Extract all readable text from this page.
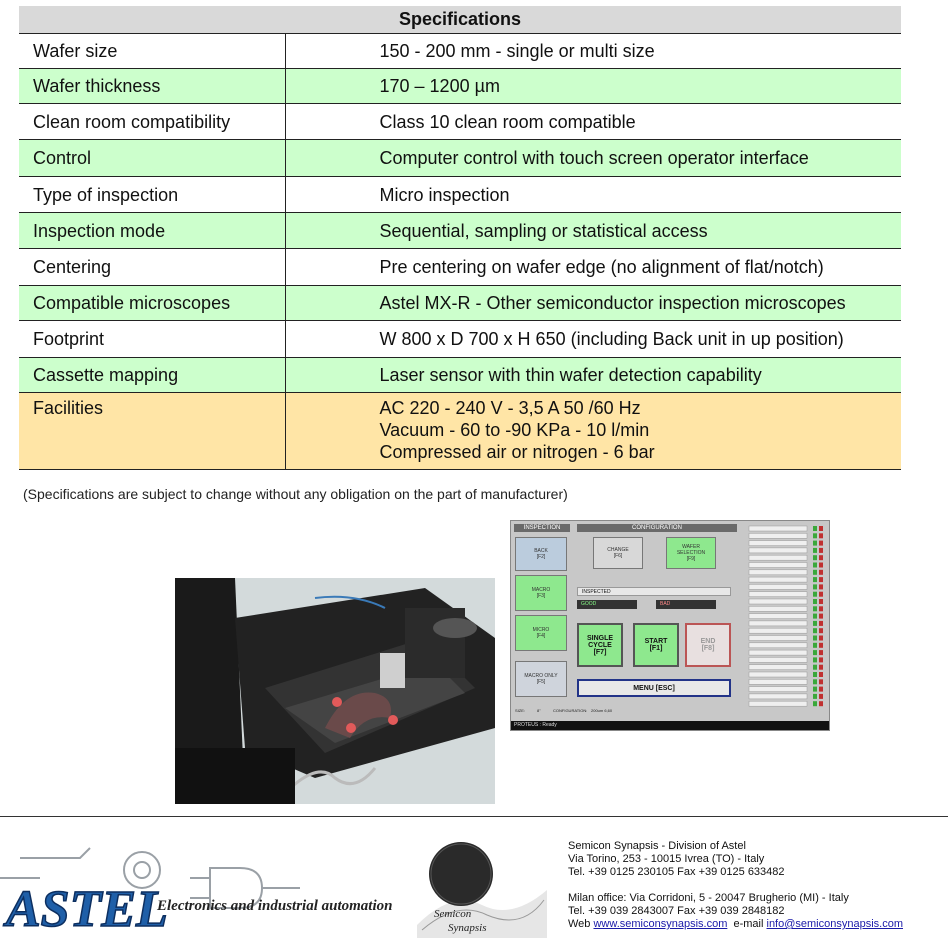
Specifications	
Wafer size	150 - 200 mm - single or multi size
Wafer thickness	170 – 1200 µm
Clean room compatibility	Class 10 clean room compatible
Control	Computer control with touch screen operator interface
Type of inspection	Micro inspection
Inspection mode	Sequential, sampling or statistical access
Centering	Pre centering on wafer edge (no alignment of flat/notch)
Compatible microscopes	Astel MX-R - Other semiconductor inspection microscopes
Footprint	W 800 x D 700 x H 650 (including Back unit in up position)
Cassette mapping	Laser sensor with thin wafer detection capability
Facilities	AC 220 - 240 V - 3,5 A 50 /60 Hz
Vacuum - 60 to -90 KPa - 10 l/min
Compressed air or nitrogen - 6 bar
(Specifications are subject to change without any obligation on the part of manufacturer)
INSPECTION	CONFIGURATION
BACK
[F2]
MACRO
[F3]
MICRO
[F4]
MACRO ONLY
[F5]
CHANGE
[F6]
WAFER
SELECTION
[F9]
INSPECTED
GOOD	BAD
SINGLE
CYCLE
[F7]
START
[F1]
END
[F8]
MENU [ESC]
SIZE:	8"	CONFIGURATION: 200um 6,60
PROTEUS : Ready
ASTEL
Electronics and industrial automation	Semicon
Synapsis
Semicon Synapsis - Division of Astel
Via Torino, 253 - 10015 Ivrea (TO) - Italy
Tel. +39 0125 230105 Fax +39 0125 633482
Milan office: Via Corridoni, 5 - 20047 Brugherio (MI) - Italy
Tel. +39 039 2843007 Fax +39 039 2848182
Web www.semiconsynapsis.com e-mail info@semiconsynapsis.com
